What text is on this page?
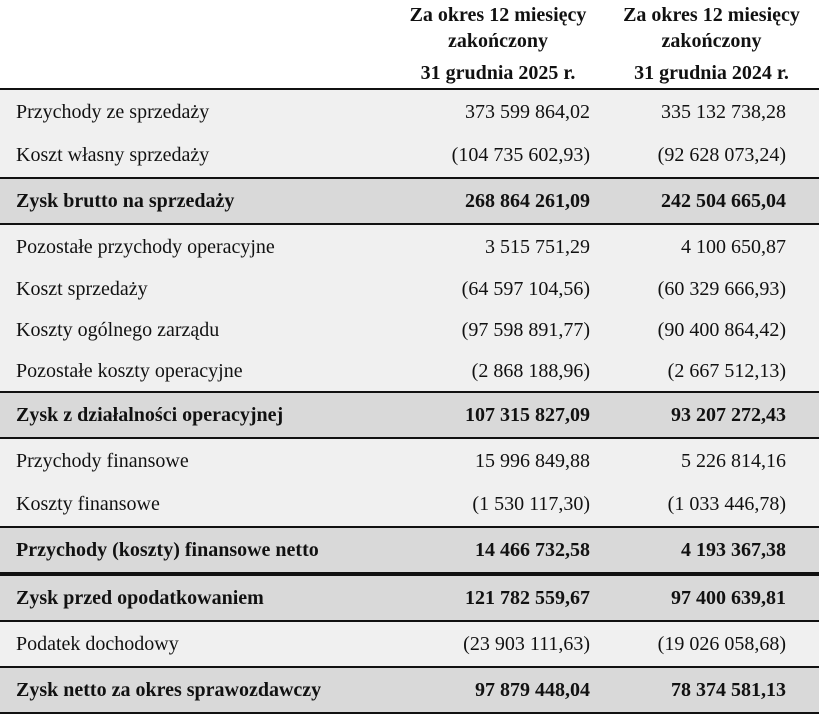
Za okres 12 miesięcy zakończony
31 grudnia 2025 r.
Za okres 12 miesięcy zakończony
31 grudnia 2024 r.
Przychody ze sprzedaży	373 599 864,02	335 132 738,28
Koszt własny sprzedaży	(104 735 602,93)	(92 628 073,24)
Zysk brutto na sprzedaży	268 864 261,09	242 504 665,04
Pozostałe przychody operacyjne	3 515 751,29	4 100 650,87
Koszt sprzedaży	(64 597 104,56)	(60 329 666,93)
Koszty ogólnego zarządu	(97 598 891,77)	(90 400 864,42)
Pozostałe koszty operacyjne	(2 868 188,96)	(2 667 512,13)
Zysk z działalności operacyjnej	107 315 827,09	93 207 272,43
Przychody finansowe	15 996 849,88	5 226 814,16
Koszty finansowe	(1 530 117,30)	(1 033 446,78)
Przychody (koszty) finansowe netto	14 466 732,58	4 193 367,38
Zysk przed opodatkowaniem	121 782 559,67	97 400 639,81
Podatek dochodowy	(23 903 111,63)	(19 026 058,68)
Zysk netto za okres sprawozdawczy	97 879 448,04	78 374 581,13
